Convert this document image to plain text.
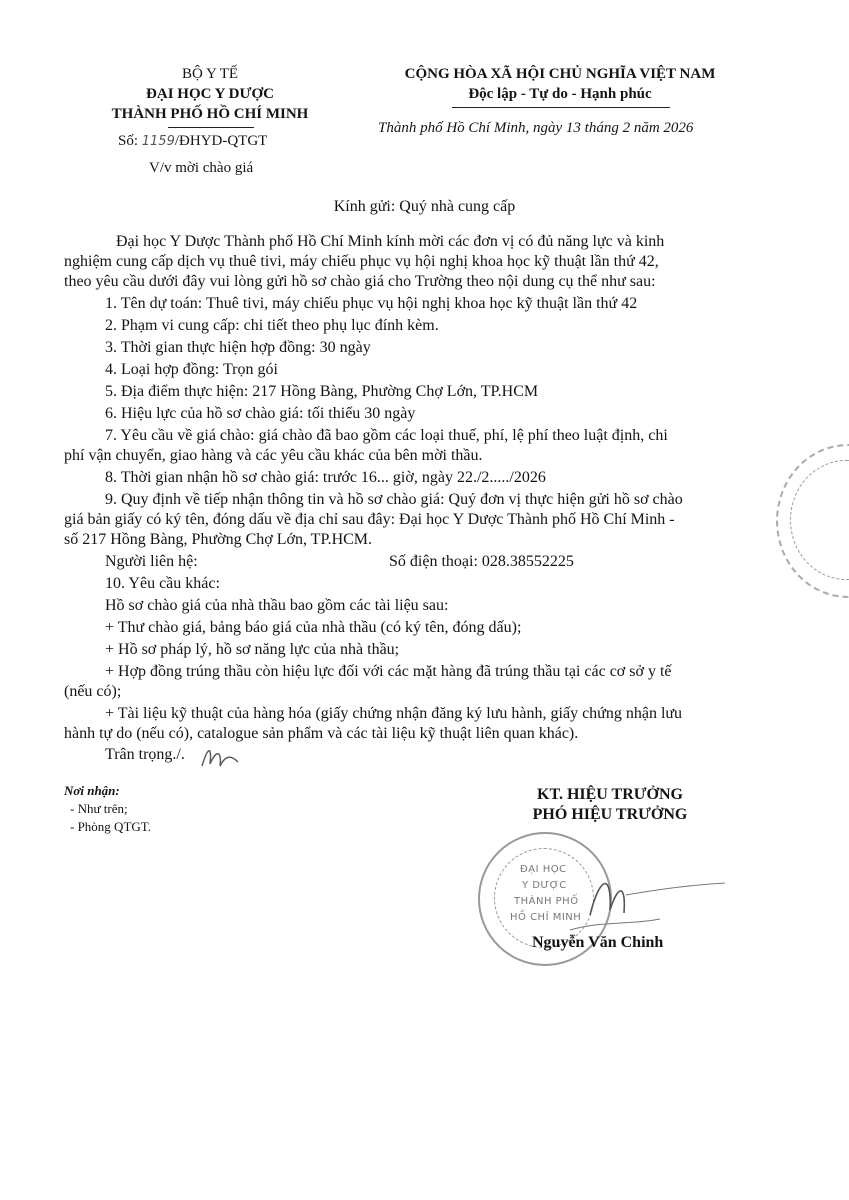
BỘ Y TẾ
ĐẠI HỌC Y DƯỢC
THÀNH PHỐ HỒ CHÍ MINH
Số: 1159/ĐHYD-QTGT
V/v mời chào giá
CỘNG HÒA XÃ HỘI CHỦ NGHĨA VIỆT NAM
Độc lập - Tự do - Hạnh phúc
Thành phố Hồ Chí Minh, ngày 13 tháng 2 năm 2026
Kính gửi: Quý nhà cung cấp
Đại học Y Dược Thành phố Hồ Chí Minh kính mời các đơn vị có đủ năng lực và kinh
nghiệm cung cấp dịch vụ thuê tivi, máy chiếu phục vụ hội nghị khoa học kỹ thuật lần thứ 42,
theo yêu cầu dưới đây vui lòng gửi hồ sơ chào giá cho Trường theo nội dung cụ thể như sau:
1. Tên dự toán: Thuê tivi, máy chiếu phục vụ hội nghị khoa học kỹ thuật lần thứ 42
2. Phạm vi cung cấp: chi tiết theo phụ lục đính kèm.
3. Thời gian thực hiện hợp đồng: 30 ngày
4. Loại hợp đồng: Trọn gói
5. Địa điểm thực hiện: 217 Hồng Bàng, Phường Chợ Lớn, TP.HCM
6. Hiệu lực của hồ sơ chào giá: tối thiểu 30 ngày
7. Yêu cầu về giá chào: giá chào đã bao gồm các loại thuế, phí, lệ phí theo luật định, chi
phí vận chuyển, giao hàng và các yêu cầu khác của bên mời thầu.
8. Thời gian nhận hồ sơ chào giá: trước 16... giờ, ngày 22./2...../2026
9. Quy định về tiếp nhận thông tin và hồ sơ chào giá: Quý đơn vị thực hiện gửi hồ sơ chào
giá bản giấy có ký tên, đóng dấu về địa chỉ sau đây: Đại học Y Dược Thành phố Hồ Chí Minh -
số 217 Hồng Bàng, Phường Chợ Lớn, TP.HCM.
Người liên hệ:	Số điện thoại: 028.38552225
10. Yêu cầu khác:
Hồ sơ chào giá của nhà thầu bao gồm các tài liệu sau:
+ Thư chào giá, bảng báo giá của nhà thầu (có ký tên, đóng dấu);
+ Hồ sơ pháp lý, hồ sơ năng lực của nhà thầu;
+ Hợp đồng trúng thầu còn hiệu lực đối với các mặt hàng đã trúng thầu tại các cơ sở y tế
(nếu có);
+ Tài liệu kỹ thuật của hàng hóa (giấy chứng nhận đăng ký lưu hành, giấy chứng nhận lưu
hành tự do (nếu có), catalogue sản phẩm và các tài liệu kỹ thuật liên quan khác).
Trân trọng./.
Nơi nhận:
- Như trên;
- Phòng QTGT.
KT. HIỆU TRƯỞNG
PHÓ HIỆU TRƯỞNG
ĐẠI HỌC
Y DƯỢC
THÀNH PHỐ
HỒ CHÍ MINH
Nguyễn Văn Chinh
